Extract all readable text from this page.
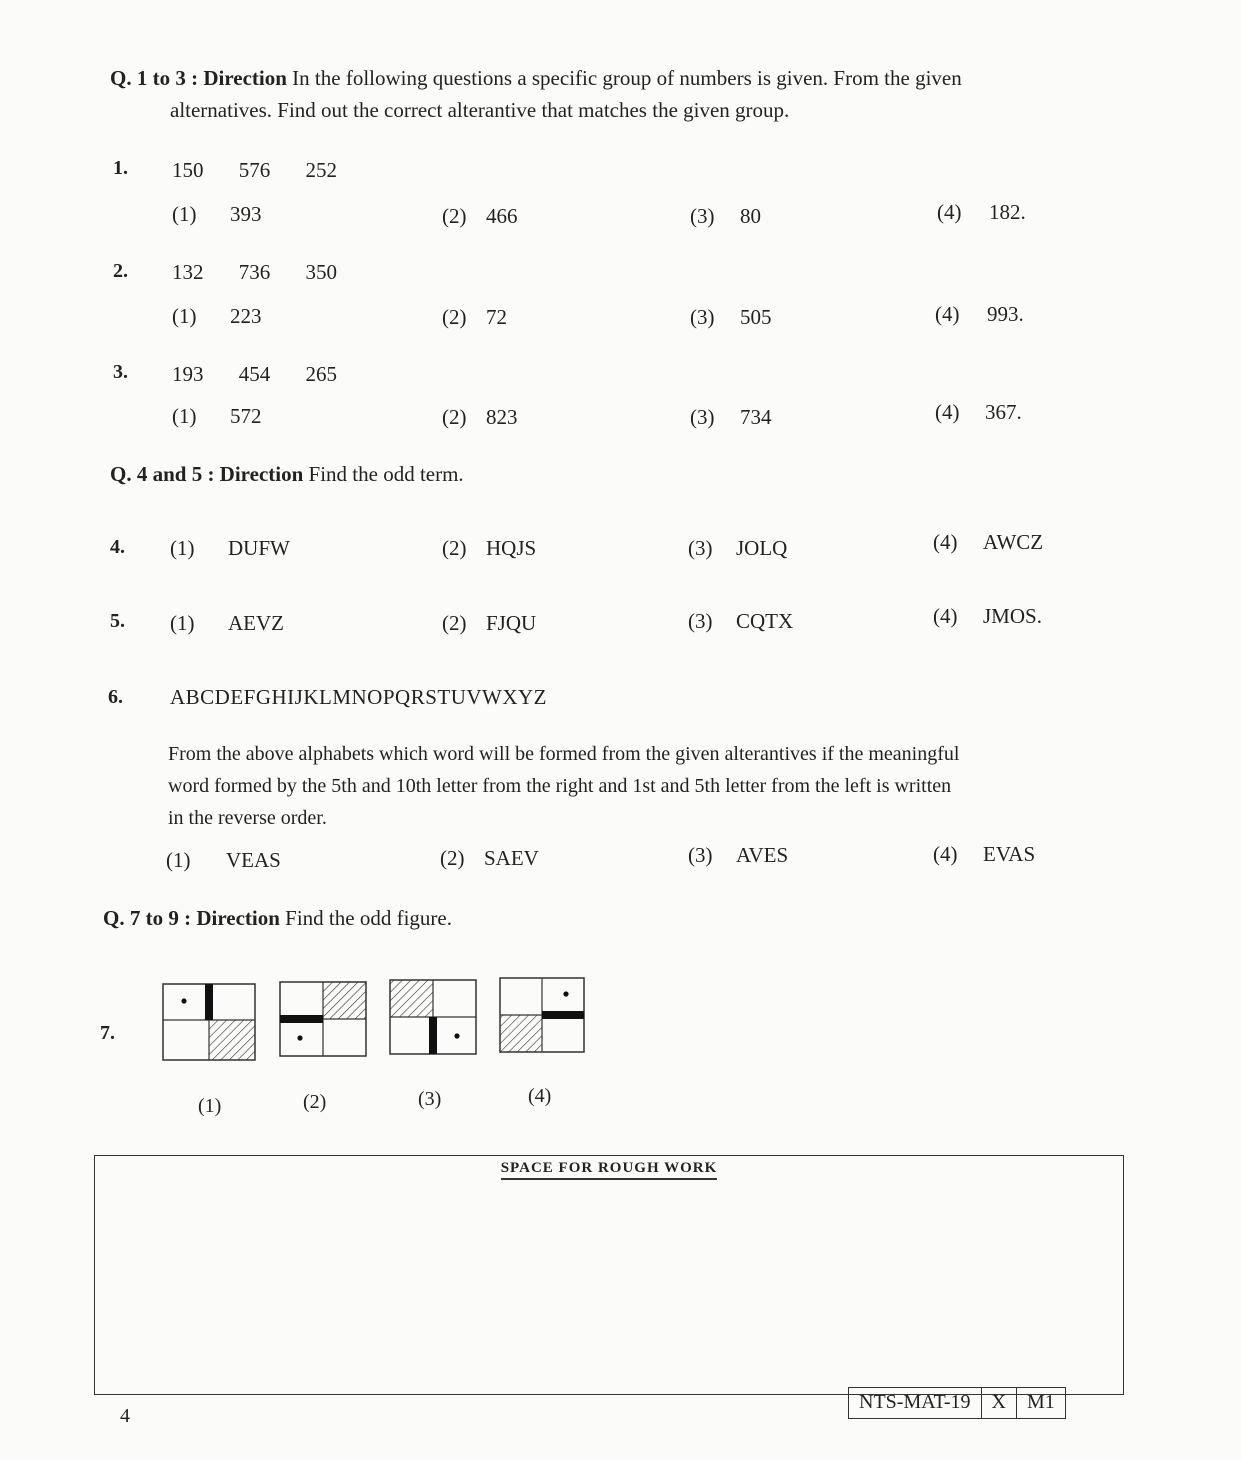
Q. 1 to 3 : Direction In the following questions a specific group of numbers is given. From the given
alternatives. Find out the correct alterantive that matches the given group.
1. 150 576 252
(1) 393	(2) 466	(3) 80	(4) 182.
2. 132 736 350
(1) 223	(2) 72	(3) 505	(4) 993.
3. 193 454 265
(1) 572	(2) 823	(3) 734	(4) 367.
Q. 4 and 5 : Direction Find the odd term.
4. (1) DUFW	(2) HQJS	(3) JOLQ	(4) AWCZ
5. (1) AEVZ	(2) FJQU	(3) CQTX	(4) JMOS.
6. ABCDEFGHIJKLMNOPQRSTUVWXYZ
From the above alphabets which word will be formed from the given alterantives if the meaningful
word formed by the 5th and 10th letter from the right and 1st and 5th letter from the left is written
in the reverse order.
(1) VEAS	(2) SAEV	(3) AVES	(4) EVAS
Q. 7 to 9 : Direction Find the odd figure.
7.
(1)	(2)	(3)	(4)
SPACE FOR ROUGH WORK
4
NTS-MAT-19	X	M1
